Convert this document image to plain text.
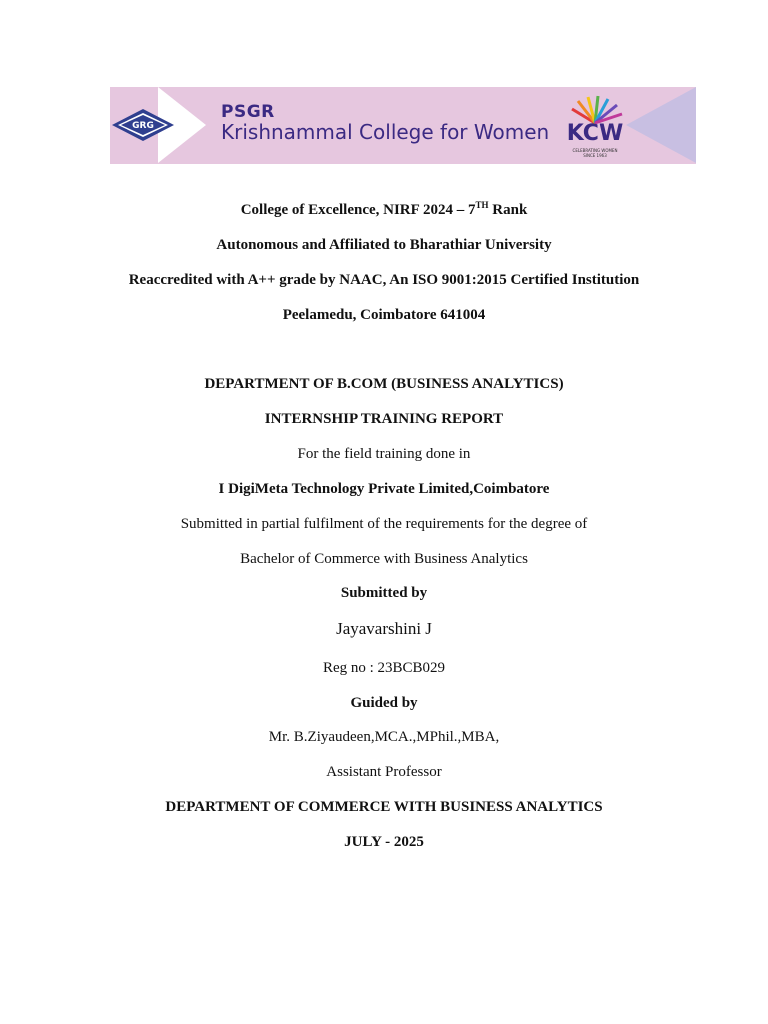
GRG
PSGR
Krishnammal College for Women KCW
CELEBRATING WOMEN
SINCE 1963
College of Excellence, NIRF 2024 – 7TH Rank
Autonomous and Affiliated to Bharathiar University
Reaccredited with A++ grade by NAAC, An ISO 9001:2015 Certified Institution
Peelamedu, Coimbatore 641004
DEPARTMENT OF B.COM (BUSINESS ANALYTICS)
INTERNSHIP TRAINING REPORT
For the field training done in
I DigiMeta Technology Private Limited,Coimbatore
Submitted in partial fulfilment of the requirements for the degree of
Bachelor of Commerce with Business Analytics
Submitted by
Jayavarshini J
Reg no : 23BCB029
Guided by
Mr. B.Ziyaudeen,MCA.,MPhil.,MBA,
Assistant Professor
DEPARTMENT OF COMMERCE WITH BUSINESS ANALYTICS
JULY - 2025
